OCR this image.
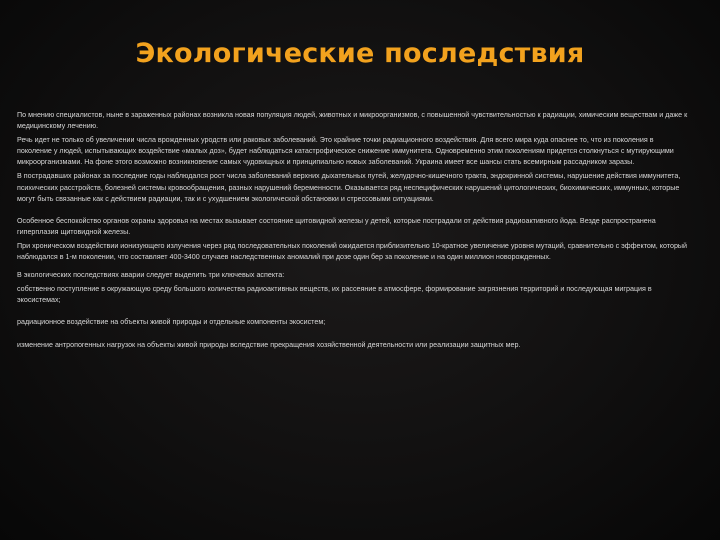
Экологические последствия

По мнению специалистов, ныне в зараженных районах возникла новая популяция людей, животных и микроорганизмов, с повышенной чувствительностью к радиации, химическим веществам и даже к медицинскому лечению.

Речь идет не только об увеличении числа врожденных уродств или раковых заболеваний. Это крайние точки радиационного воздействия. Для всего мира куда опаснее то, что из поколения в поколение у людей, испытывающих воздействие «малых доз», будет наблюдаться катастрофическое снижение иммунитета. Одновременно этим поколениям придется столкнуться с мутирующими микроорганизмами. На фоне этого возможно возникновение самых чудовищных и принципиально новых заболеваний. Украина имеет все шансы стать всемирным рассадником заразы.

В пострадавших районах за последние годы наблюдался рост числа заболеваний верхних дыхательных путей, желудочно-кишечного тракта, эндокринной системы, нарушение действия иммунитета, психических расстройств, болезней системы кровообращения, разных нарушений беременности. Оказывается ряд неспецифических нарушений цитологических, биохимических, иммунных, которые могут быть связанные как с действием радиации, так и с ухудшением экологической обстановки и стрессовыми ситуациями.

Особенное беспокойство органов охраны здоровья на местах вызывает состояние щитовидной железы у детей, которые пострадали от действия радиоактивного йода. Везде распространена гиперплазия щитовидной железы.

При хроническом воздействии ионизующего излучения через ряд последовательных поколений ожидается приблизительно 10-кратное увеличение уровня мутаций, сравнительно с эффектом, который наблюдался в 1-м поколении, что составляет 400-3400 случаев наследственных аномалий при дозе один бер за поколение и на один миллион новорожденных.

В экологических последствиях аварии следует выделить три ключевых аспекта:

собственно поступление в окружающую среду большого количества радиоактивных веществ, их рассеяние в атмосфере, формирование загрязнения территорий и последующая миграция в экосистемах;

радиационное воздействие на объекты живой природы и отдельные компоненты экосистем;

изменение антропогенных нагрузок на объекты живой природы вследствие прекращения хозяйственной деятельности или реализации защитных мер.
